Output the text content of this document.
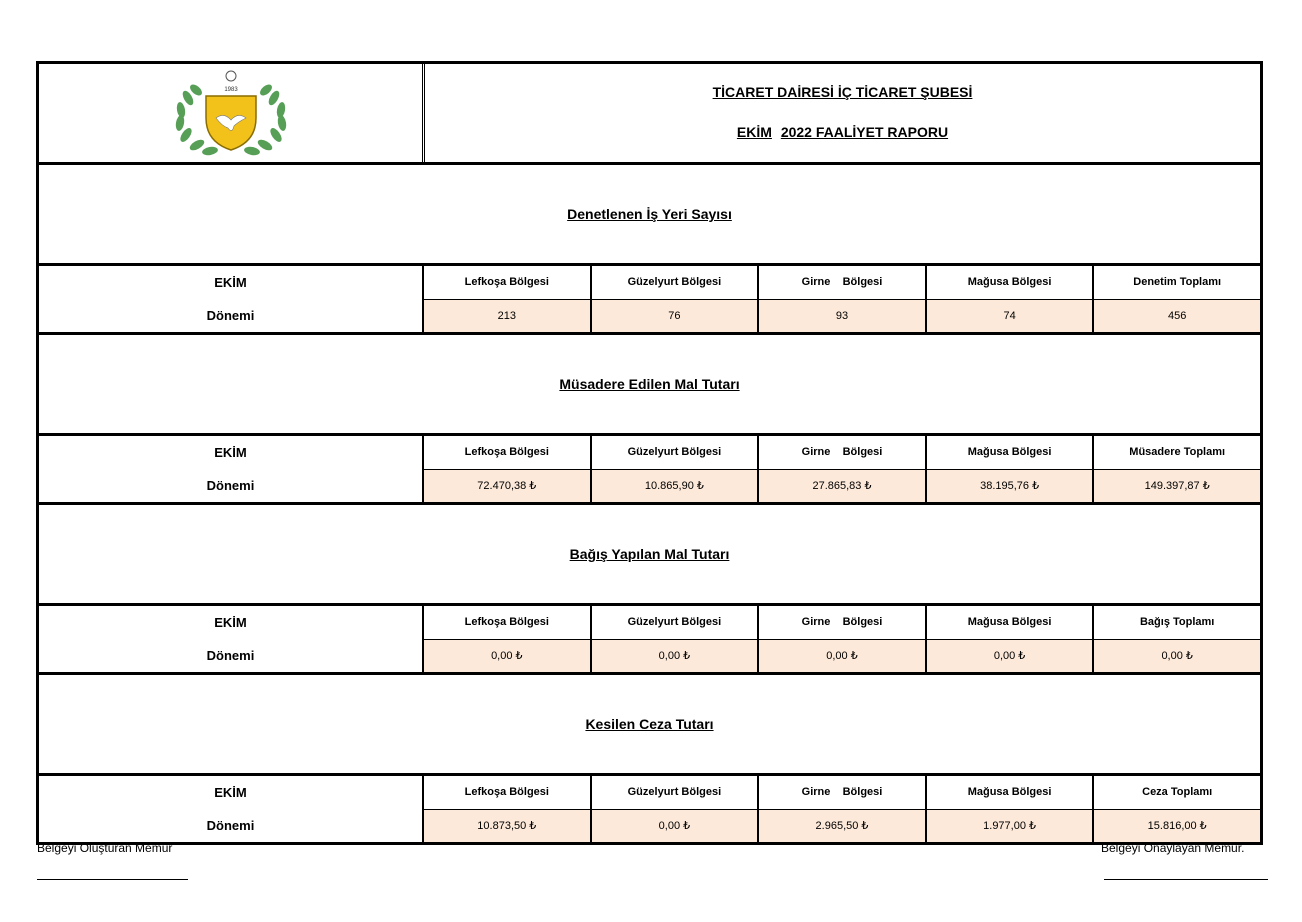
1983	TİCARET DAİRESİ İÇ TİCARET ŞUBESİ
EKİM 2022 FAALİYET RAPORU
Denetlenen İş Yeri Sayısı
EKİM
Dönemi
Lefkoşa Bölgesi
213
Güzelyurt Bölgesi
76
Girne    Bölgesi
93
Mağusa Bölgesi
74
Denetim Toplamı
456
Müsadere Edilen Mal Tutarı
EKİM
Dönemi
Lefkoşa Bölgesi
72.470,38 ₺
Güzelyurt Bölgesi
10.865,90 ₺
Girne    Bölgesi
27.865,83 ₺
Mağusa Bölgesi
38.195,76 ₺
Müsadere Toplamı
149.397,87 ₺
Bağış Yapılan Mal Tutarı
EKİM
Dönemi
Lefkoşa Bölgesi
0,00 ₺
Güzelyurt Bölgesi
0,00 ₺
Girne    Bölgesi
0,00 ₺
Mağusa Bölgesi
0,00 ₺
Bağış Toplamı
0,00 ₺
Kesilen Ceza Tutarı
EKİM
Dönemi
Lefkoşa Bölgesi
10.873,50 ₺
Güzelyurt Bölgesi
0,00 ₺
Girne    Bölgesi
2.965,50 ₺
Mağusa Bölgesi
1.977,00 ₺
Ceza Toplamı
15.816,00 ₺
Belgeyi Oluşturan Memur	Belgeyi Onaylayan Memur.
